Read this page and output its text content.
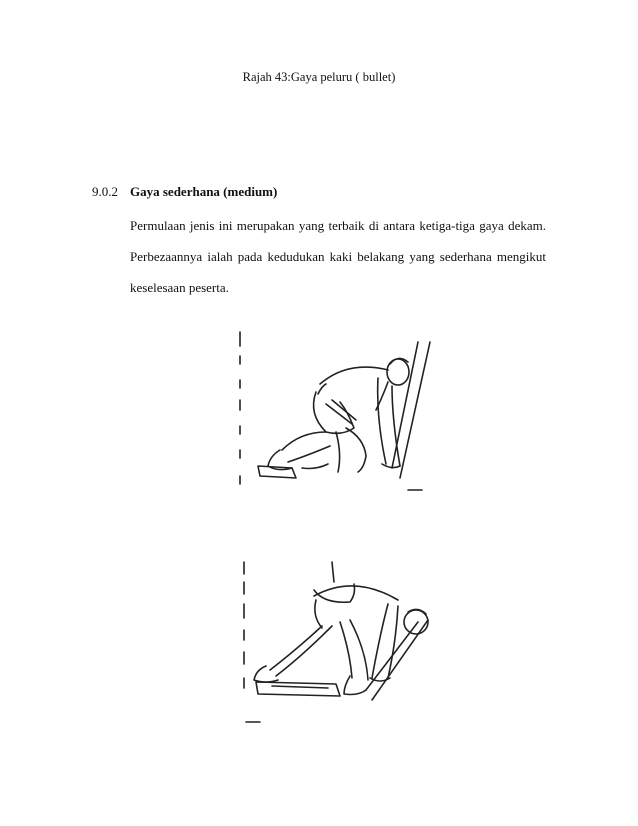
Rajah 43:Gaya peluru ( bullet)
9.0.2 Gaya sederhana (medium)
Permulaan jenis ini merupakan yang terbaik di antara ketiga-tiga gaya dekam.
Perbezaannya ialah pada kedudukan kaki belakang yang sederhana mengikut
keselesaan peserta.
